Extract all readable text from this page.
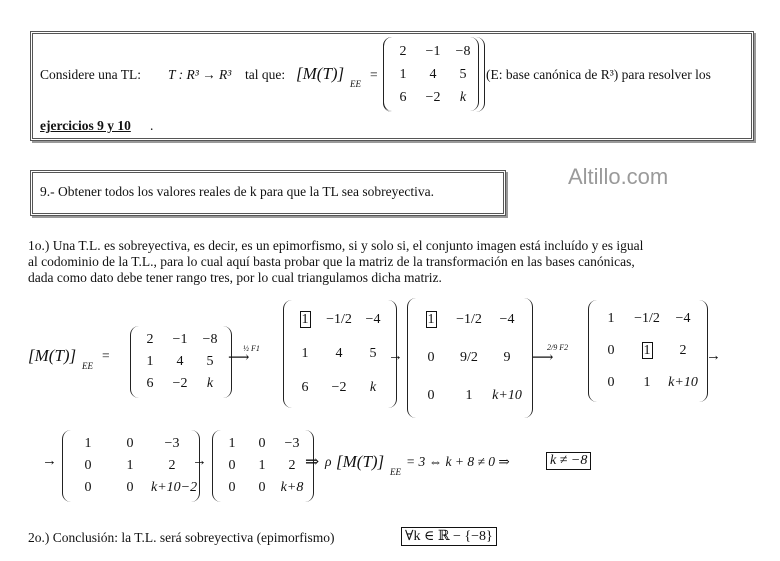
Considere una TL: T : R³ → R³ tal que: [M(T)]
EE
=
2	−1	−8
1	4	5
6	−2	k
(E: base canónica de R³) para resolver los
ejercicios 9 y 10 .
9.- Obtener todos los valores reales de k para que la TL sea sobreyectiva.
Altillo.com
1o.) Una T.L. es sobreyectiva, es decir, es un epimorfismo, si y solo si, el conjunto imagen está incluído y es igual
al codominio de la T.L., para lo cual aquí basta probar que la matriz de la transformación en las bases canónicas,
dada como dato debe tener rango tres, por lo cual triangulamos dicha matriz.
[M(T)]
EE
=
2	−1	−8
1	4	5
6	−2	k
1	−1/2 −4
1	4	5
6	−2	k
1	−1/2	−4
0	9/2	9
0	1	k+10
1	−1/2	−4
0	1	2
0	1	k+10
1	0	−3
0	1	2
0	0	k+10−2
1	0	−3
0	1	2
0	0	k+8
½ F1
⟶	→
2/9 F2
⟶	→
→	→	⇒ ρ [M(T)]
EE
= 3 ⇔ k + 8 ≠ 0 ⇒	k ≠ −8
2o.) Conclusión: la T.L. será sobreyectiva (epimorfismo)	∀k ∈ ℝ − {−8}
